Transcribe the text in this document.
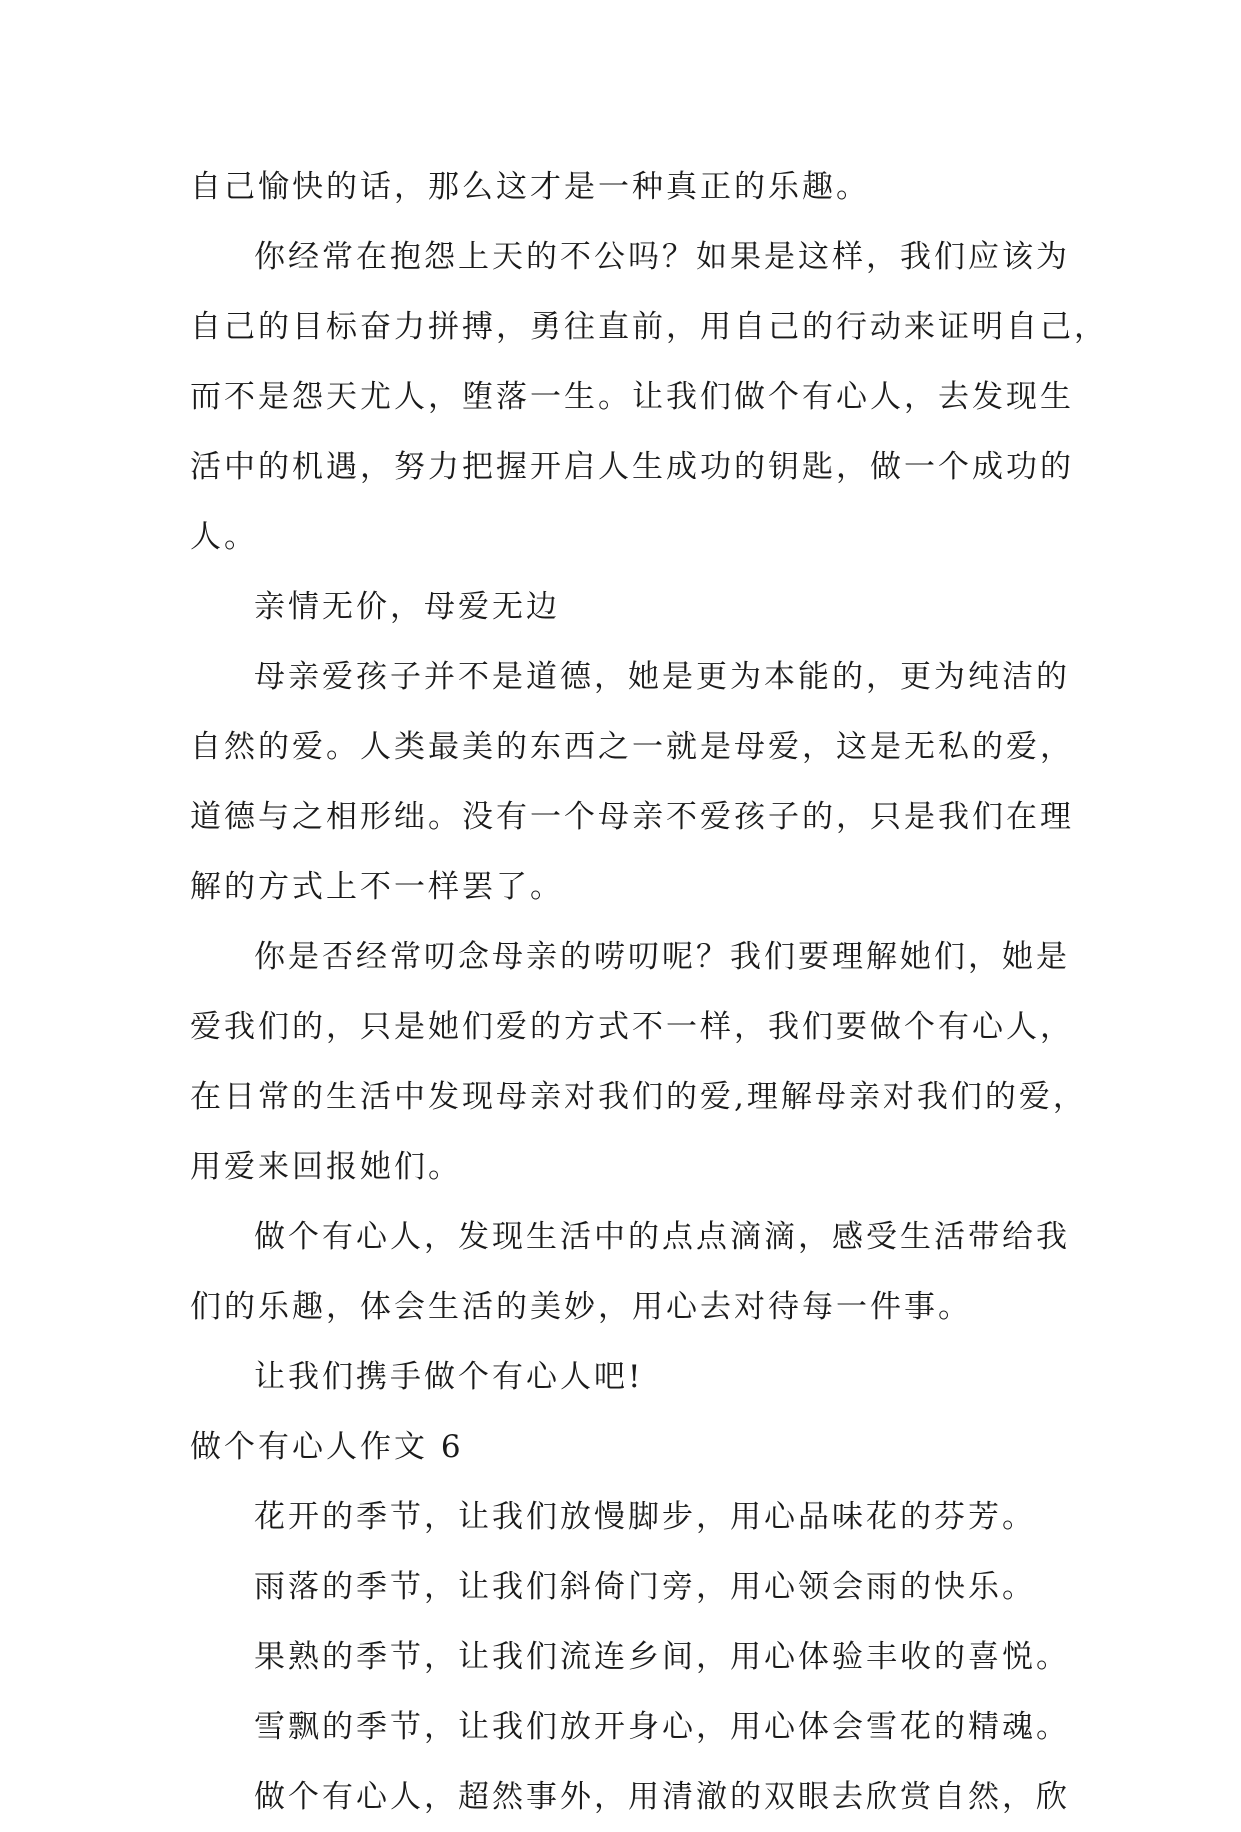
自己愉快的话，那么这才是一种真正的乐趣。
你经常在抱怨上天的不公吗？如果是这样，我们应该为
自己的目标奋力拼搏，勇往直前，用自己的行动来证明自己，
而不是怨天尤人，堕落一生。让我们做个有心人，去发现生
活中的机遇，努力把握开启人生成功的钥匙，做一个成功的
人。
亲情无价，母爱无边
母亲爱孩子并不是道德，她是更为本能的，更为纯洁的
自然的爱。人类最美的东西之一就是母爱，这是无私的爱，
道德与之相形绌。没有一个母亲不爱孩子的，只是我们在理
解的方式上不一样罢了。
你是否经常叨念母亲的唠叨呢？我们要理解她们，她是
爱我们的，只是她们爱的方式不一样，我们要做个有心人，
在日常的生活中发现母亲对我们的爱,理解母亲对我们的爱，
用爱来回报她们。
做个有心人，发现生活中的点点滴滴，感受生活带给我
们的乐趣，体会生活的美妙，用心去对待每一件事。
让我们携手做个有心人吧!
做个有心人作文 6
花开的季节，让我们放慢脚步，用心品味花的芬芳。
雨落的季节，让我们斜倚门旁，用心领会雨的快乐。
果熟的季节，让我们流连乡间，用心体验丰收的喜悦。
雪飘的季节，让我们放开身心，用心体会雪花的精魂。
做个有心人，超然事外，用清澈的双眼去欣赏自然，欣
